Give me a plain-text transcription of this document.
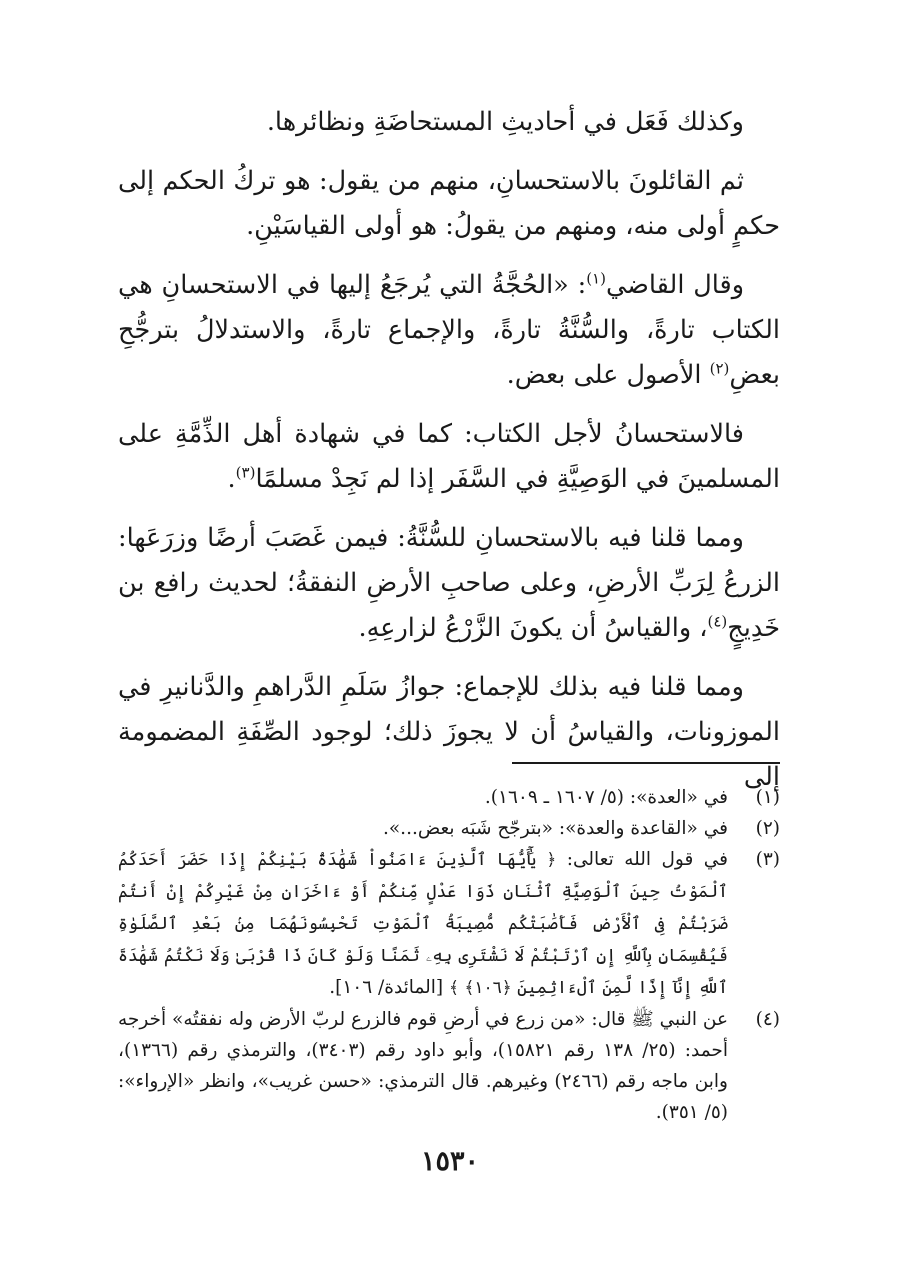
وكذلك فَعَل في أحاديثِ المستحاضَةِ ونظائرها.

ثم القائلونَ بالاستحسانِ، منهم من يقول: هو تركُ الحكم إلى حكمٍ أولى منه، ومنهم من يقولُ: هو أولى القياسَيْنِ.

وقال القاضي$^{(١)}$: «الحُجَّةُ التي يُرجَعُ إليها في الاستحسانِ هي الكتاب تارةً، والسُّنَّةُ تارةً، والإجماع تارةً، والاستدلالُ بترجُّحِ بعضِ$^{(٢)}$ الأصول على بعض.

فالاستحسانُ لأجل الكتاب: كما في شهادة أهل الذِّمَّةِ على المسلمينَ في الوَصِيَّةِ في السَّفَر إذا لم نَجِدْ مسلمًا$^{(٣)}$.

ومما قلنا فيه بالاستحسانِ للسُّنَّةُ: فيمن غَصَبَ أرضًا وزرَعَها: الزرعُ لِرَبِّ الأرضِ، وعلى صاحبِ الأرضِ النفقةُ؛ لحديث رافع بن خَدِيجٍ$^{(٤)}$، والقياسُ أن يكونَ الزَّرْعُ لزارعِهِ.

ومما قلنا فيه بذلك للإجماع: جوازُ سَلَمِ الدَّراهمِ والدَّنانيرِ في الموزونات، والقياسُ أن لا يجوزَ ذلك؛ لوجود الصِّفَةِ المضمومة إلى

(١)
في «العدة»: (٥/ ١٦٠٧ ـ ١٦٠٩).
(٢)
في «القاعدة والعدة»: «بترجّح شَبَه بعض...».
(٣)
في قول الله تعالى: ﴿ يَٰٓأَيُّهَا ٱلَّذِينَ ءَامَنُواْ شَهَٰدَةُ بَيْنِكُمْ إِذَا حَضَرَ أَحَدَكُمُ ٱلْمَوْتُ حِينَ ٱلْوَصِيَّةِ ٱثْنَانِ ذَوَا عَدْلٍ مِّنكُمْ أَوْ ءَاخَرَانِ مِنْ غَيْرِكُمْ إِنْ أَنتُمْ ضَرَبْتُمْ فِى ٱلْأَرْضِ فَأَصَٰبَتْكُم مُّصِيبَةُ ٱلْمَوْتِ تَحْبِسُونَهُمَا مِنۢ بَعْدِ ٱلصَّلَوٰةِ فَيُقْسِمَانِ بِٱللَّهِ إِنِ ٱرْتَبْتُمْ لَا نَشْتَرِى بِهِۦ ثَمَنًا وَلَوْ كَانَ ذَا قُرْبَىٰ وَلَا نَكْتُمُ شَهَٰدَةَ ٱللَّهِ إِنَّآ إِذًا لَّمِنَ ٱلْءَاثِمِينَ ﴿١٠٦﴾ ﴾ [المائدة/ ١٠٦].
(٤)
عن النبي ﷺ قال: «من زرع في أرضِ قوم فالزرع لربّ الأرض وله نفقتُه» أخرجه أحمد: (٢٥/ ١٣٨ رقم ١٥٨٢١)، وأبو داود رقم (٣٤٠٣)، والترمذي رقم (١٣٦٦)، وابن ماجه رقم (٢٤٦٦) وغيرهم. قال الترمذي: «حسن غريب»، وانظر «الإرواء»: (٥/ ٣٥١).
١٥٣٠
